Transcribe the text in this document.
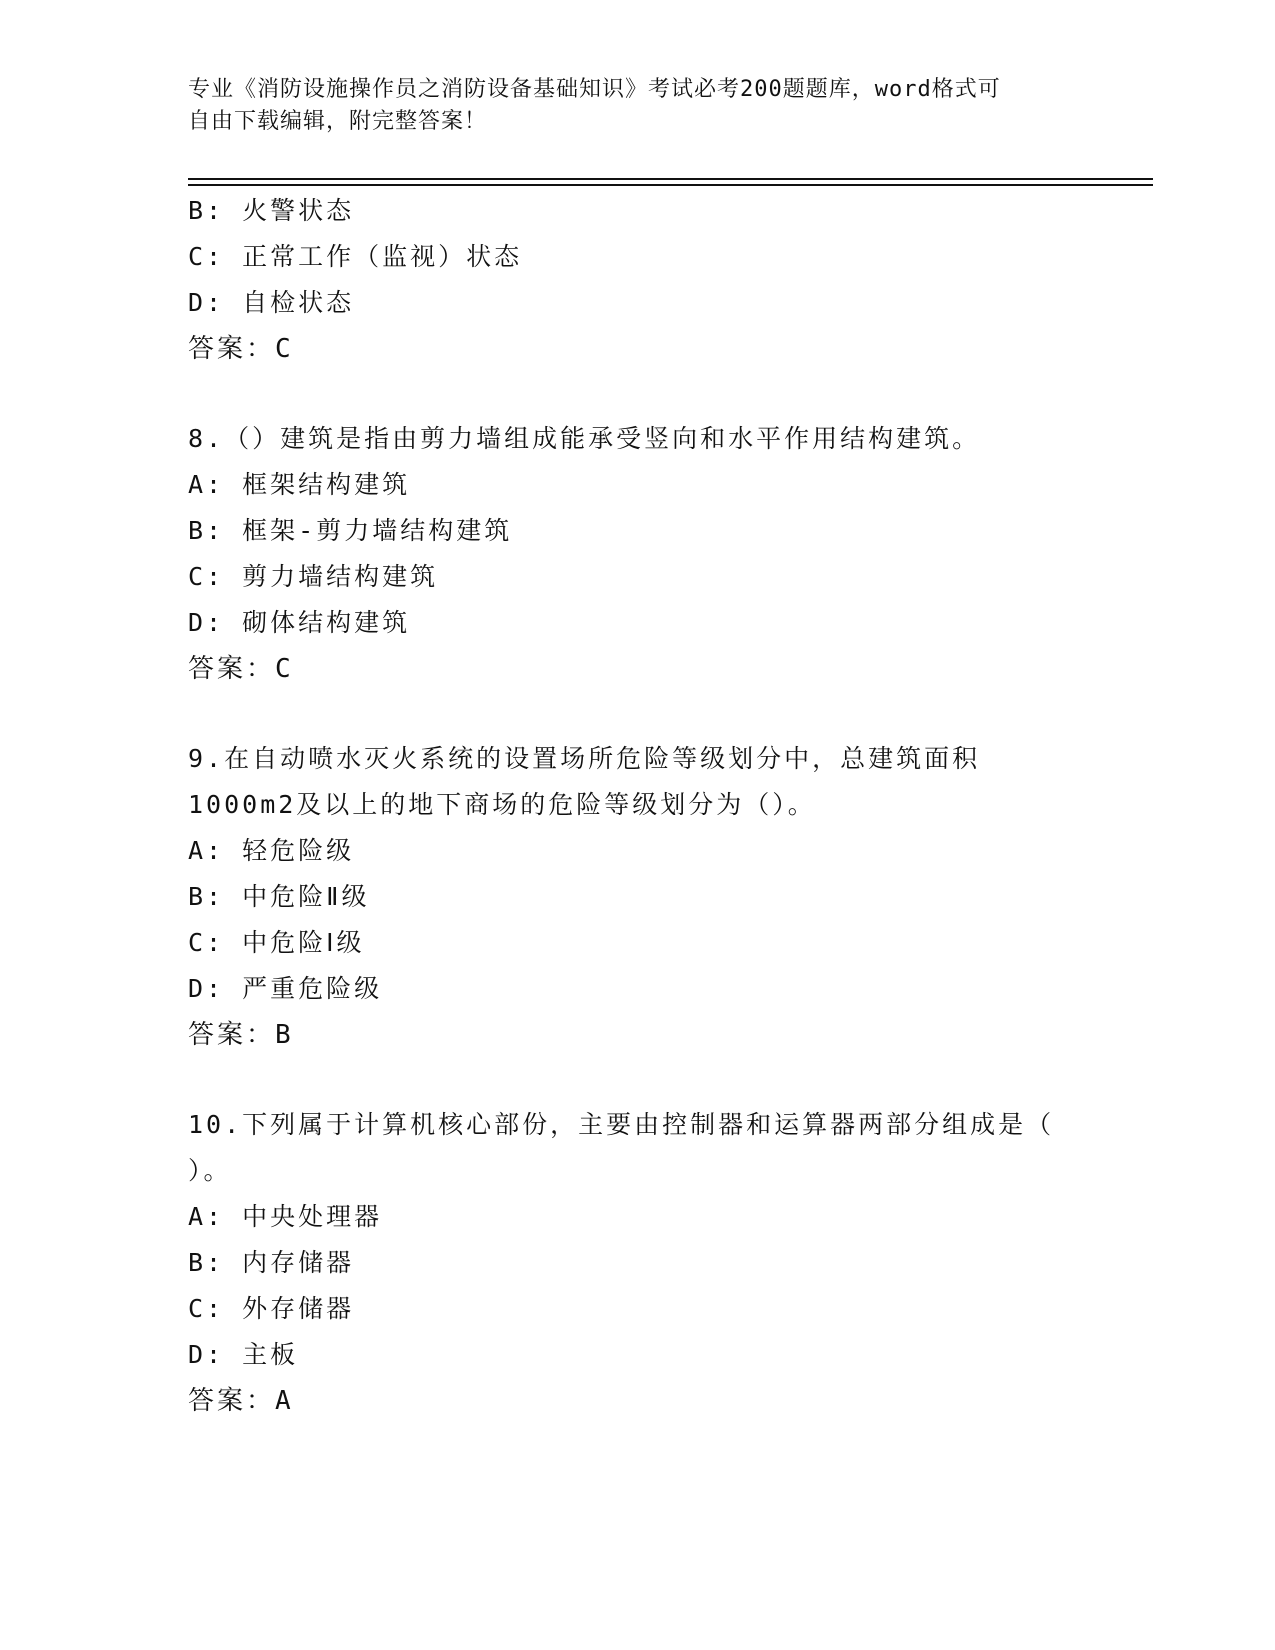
专业《消防设施操作员之消防设备基础知识》考试必考200题题库，word格式可
自由下载编辑，附完整答案！
B: 火警状态
C: 正常工作（监视）状态
D: 自检状态
答案：C
8.（）建筑是指由剪力墙组成能承受竖向和水平作用结构建筑。
A: 框架结构建筑
B: 框架-剪力墙结构建筑
C: 剪力墙结构建筑
D: 砌体结构建筑
答案：C
9.在自动喷水灭火系统的设置场所危险等级划分中，总建筑面积
1000m2及以上的地下商场的危险等级划分为（）。
A: 轻危险级
B: 中危险Ⅱ级
C: 中危险Ⅰ级
D: 严重危险级
答案：B
10.下列属于计算机核心部份，主要由控制器和运算器两部分组成是（
）。
A: 中央处理器
B: 内存储器
C: 外存储器
D: 主板
答案：A
